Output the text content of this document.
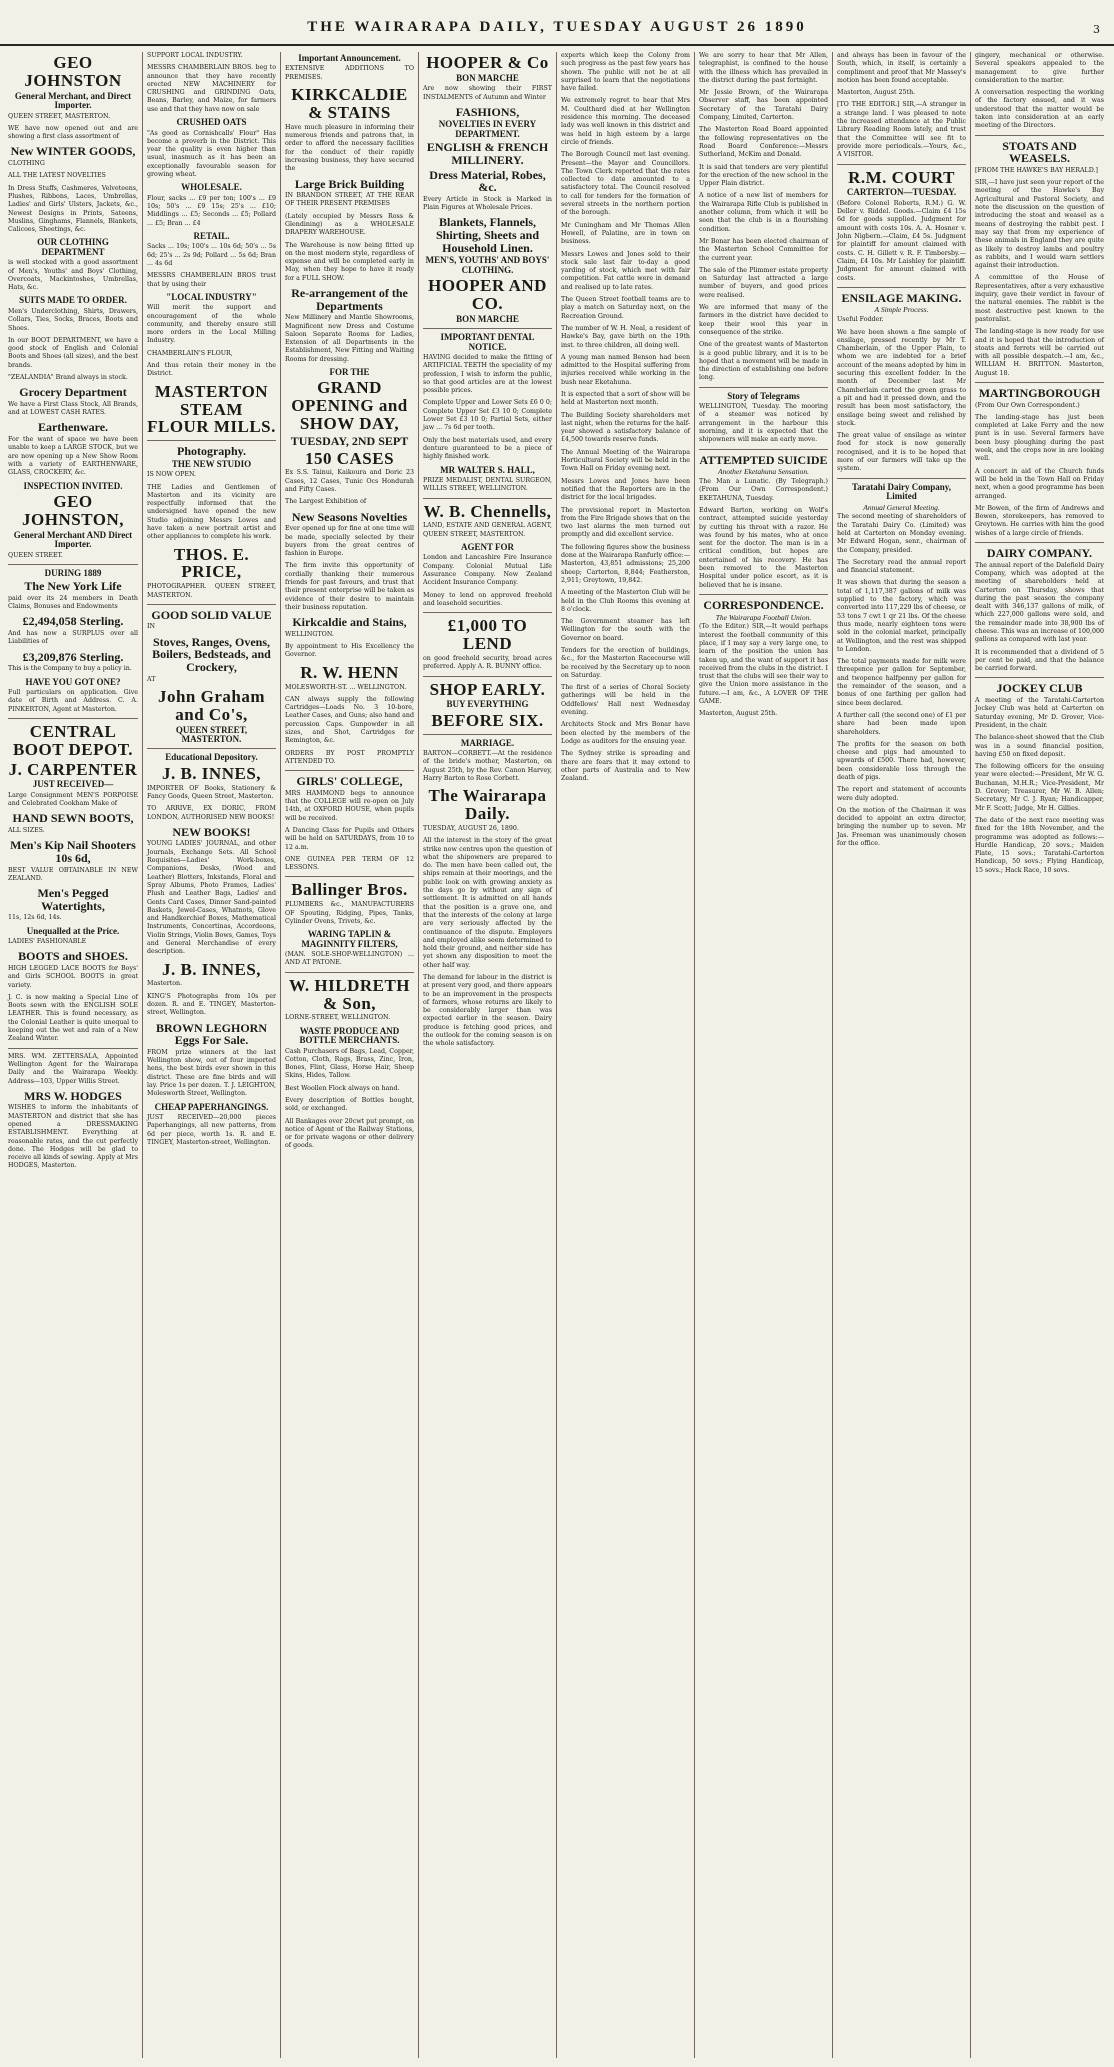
THE WAIRARAPA DAILY, TUESDAY AUGUST 26 1890	3
GEO JOHNSTON
General Merchant, and Direct Importer.

QUEEN STREET, MASTERTON.

WE have now opened out and are showing a first class assortment of

New WINTER GOODS,

CLOTHING

ALL THE LATEST NOVELTIES

In Dress Stuffs, Cashmeres, Velveteens, Plushes, Ribbons, Laces, Umbrellas, Ladies' and Girls' Ulsters, Jackets, &c., Newest Designs in Prints, Sateens, Muslins, Ginghams, Flannels, Blankets, Calicoes, Sheetings, &c.

OUR CLOTHING DEPARTMENT

is well stocked with a good assortment of Men's, Youths' and Boys' Clothing, Overcoats, Mackintoshes, Umbrellas, Hats, &c.

SUITS MADE TO ORDER.

Men's Underclothing, Shirts, Drawers, Collars, Ties, Socks, Braces, Boots and Shoes.

In our BOOT DEPARTMENT, we have a good stock of English and Colonial Boots and Shoes (all sizes), and the best brands.

"ZEALANDIA" Brand always in stock.

Grocery Department

We have a First Class Stock, All Brands, and at LOWEST CASH RATES.

Earthenware.

For the want of space we have been unable to keep a LARGE STOCK, but we are now opening up a New Show Room with a variety of EARTHENWARE, GLASS, CROCKERY, &c.

INSPECTION INVITED.
GEO JOHNSTON,
General Merchant AND Direct Importer.

QUEEN STREET.

DURING 1889
The New York Life

paid over its 24 members in Death Claims, Bonuses and Endowments

£2,494,058 Sterling.

And has now a SURPLUS over all Liabilities of

£3,209,876 Sterling.

This is the Company to buy a policy in.

HAVE YOU GOT ONE?

Full particulars on application. Give date of Birth and Address. C. A. PINKERTON, Agent at Masterton.

CENTRAL BOOT DEPOT.
J. CARPENTER
JUST RECEIVED—

Large Consignment MEN'S PORPOISE and Celebrated Cookham Make of

HAND SEWN BOOTS,

ALL SIZES.

Men's Kip Nail Shooters 10s 6d,

BEST VALUE OBTAINABLE IN NEW ZEALAND.

Men's Pegged Watertights,

11s, 12s 6d, 14s.

Unequalled at the Price.

LADIES' FASHIONABLE

BOOTS and SHOES.

HIGH LEGGED LACE BOOTS for Boys' and Girls SCHOOL BOOTS in great variety.

J. C. is now making a Special Line of Boots sewn with the ENGLISH SOLE LEATHER. This is found necessary, as the Colonial Leather is quite unequal to keeping out the wet and rain of a New Zealand Winter.

MRS. WM. ZETTERSALA, Appointed Wellington Agent for the Wairarapa Daily and the Wairarapa Weekly. Address—103, Upper Willis Street.

MRS W. HODGES

WISHES to inform the inhabitants of MASTERTON and district that she has opened a DRESSMAKING ESTABLISHMENT. Everything at reasonable rates, and the cut perfectly done. The Hodges will be glad to receive all kinds of sewing. Apply at Mrs HODGES, Masterton.

SUPPORT LOCAL INDUSTRY.

MESSRS CHAMBERLAIN BROS. beg to announce that they have recently erected NEW MACHINERY for CRUSHING and GRINDING Oats, Beans, Barley, and Maize, for farmers use and that they have now on sale

CRUSHED OATS

"As good as Cornishcalls' Flour" Has become a proverb in the District. This year the quality is even higher than usual, inasmuch as it has been an exceptionally favourable season for growing wheat.

WHOLESALE.

Flour, sacks ... £9 per ton; 100's ... £9 10s; 50's ... £9 15s; 25's ... £10; Middlings ... £5; Seconds ... £5; Pollard ... £5; Bran ... £4

RETAIL.

Sacks ... 19s; 100's ... 10s 6d; 50's ... 5s 6d; 25's ... 2s 9d; Pollard ... 5s 6d; Bran ... 4s 6d

MESSRS CHAMBERLAIN BROS trust that by using their

"LOCAL INDUSTRY"

Will merit the support and encouragement of the whole community, and thereby ensure still more orders in the Local Milling Industry.

CHAMBERLAIN'S FLOUR,

And thus retain their money in the District.

MASTERTON STEAM FLOUR MILLS.
Photography.
THE NEW STUDIO

IS NOW OPEN.

THE Ladies and Gentlemen of Masterton and its vicinity are respectfully informed that the undersigned have opened the new Studio adjoining Messrs Lowes and have taken a new portrait artist and other appliances to complete his work.

THOS. E. PRICE,

PHOTOGRAPHER. QUEEN STREET, MASTERTON.

GOOD SOLID VALUE

IN

Stoves, Ranges, Ovens, Boilers, Bedsteads, and Crockery,

AT

John Graham and Co's,
QUEEN STREET, MASTERTON.
Educational Depository.
J. B. INNES,

IMPORTER OF Books, Stationery & Fancy Goods, Queen Street, Masterton.

TO ARRIVE, EX DORIC, FROM LONDON, AUTHORISED NEW BOOKS!

NEW BOOKS!

YOUNG LADIES' JOURNAL, and other Journals, Exchange Sets. All School Requisites—Ladies' Work-boxes, Companions, Desks, (Wood and Leather) Blotters, Inkstands, Floral and Spray Albums, Photo Frames, Ladies' Plush and Leather Bags, Ladies' and Gents Card Cases, Dinner Sand-painted Baskets, Jewel-Cases, Whatnots, Glove and Handkerchief Boxes, Mathematical Instruments, Concertinas, Accordeons, Violin Strings, Violin Bows, Games, Toys and General Merchandise of every description.

J. B. INNES,

Masterton.

KING'S Photographs from 10s per dozen. R. and E. TINGEY, Masterton-street, Wellington.

BROWN LEGHORN Eggs For Sale.

FROM prize winners at the last Wellington show, out of four imported hens, the best birds ever shown in this district. These are fine birds and will lay. Price 1s per dozen. T. J. LEIGHTON, Molesworth Street, Wellington.

CHEAP PAPERHANGINGS.

JUST RECEIVED—20,000 pieces Paperhangings, all new patterns, from 6d per piece, worth 1s. R. and E. TINGEY, Masterton-street, Wellington.

Important Announcement.

EXTENSIVE ADDITIONS TO PREMISES.

KIRKCALDIE & STAINS

Have much pleasure in informing their numerous friends and patrons that, in order to afford the necessary facilities for the conduct of their rapidly increasing business, they have secured the

Large Brick Building

IN BRANDON STREET, AT THE REAR OF THEIR PRESENT PREMISES

(Lately occupied by Messrs Ross & Glendining) as a WHOLESALE DRAPERY WAREHOUSE.

The Warehouse is now being fitted up on the most modern style, regardless of expense and will be completed early in May, when they hope to have it ready for a FULL SHOW.

Re-arrangement of the Departments

New Millinery and Mantle Showrooms, Magnificent new Dress and Costume Saloon Separate Rooms for Ladies, Extension of all Departments in the Establishment, New Fitting and Waiting Rooms for dressing.

FOR THE
GRAND OPENING and SHOW DAY,
TUESDAY, 2ND SEPT
150 CASES

Ex S.S. Tainui, Kaikoura and Doric 23 Cases, 12 Cases, Tunic Ocs Hondurah and Fifty Cases.

The Largest Exhibition of

New Seasons Novelties

Ever opened up for fine at one time will be made, specially selected by their buyers from the great centres of fashion in Europe.

The firm invite this opportunity of cordially thanking their numerous friends for past favours, and trust that their present enterprise will be taken as evidence of their desire to maintain their business reputation.

Kirkcaldie and Stains,

WELLINGTON.

By appointment to His Excellency the Governor.

R. W. HENN

MOLESWORTH-ST. ... WELLINGTON.

CAN always supply the following Cartridges—Loads No. 3 10-bore, Leather Cases, and Guns; also hand and percussion Caps. Gunpowder in all sizes, and Shot, Cartridges for Remington, &c.

ORDERS BY POST PROMPTLY ATTENDED TO.

GIRLS' COLLEGE,

MRS HAMMOND begs to announce that the COLLEGE will re-open on July 14th, at OXFORD HOUSE, when pupils will be received.

A Dancing Class for Pupils and Others will be held on SATURDAYS, from 10 to 12 a.m.

ONE GUINEA PER TERM OF 12 LESSONS.

Ballinger Bros.

PLUMBERS &c., MANUFACTURERS OF Spouting, Ridging, Pipes, Tanks, Cylinder Ovens, Trivets, &c.

WARING TAPLIN & MAGINNITY FILTERS,

(MAN. SOLE-SHOP-WELLINGTON) ... AND AT PATONE.

W. HILDRETH & Son,

LORNE-STREET, WELLINGTON.

WASTE PRODUCE AND BOTTLE MERCHANTS.

Cash Purchasers of Bags, Lead, Copper, Cotton, Cloth, Rags, Brass, Zinc, Iron, Bones, Flint, Glass, Horse Hair, Sheep Skins, Hides, Tallow.

Best Woollen Flock always on hand.

Every description of Bottles bought, sold, or exchanged.

All Bankages over 20cwt put prompt, on notice of Agent of the Railway Stations, or for private wagons or other delivery of goods.

HOOPER & Co
BON MARCHE

Are now showing their FIRST INSTALMENTS of Autumn and Winter

FASHIONS,
NOVELTIES IN EVERY DEPARTMENT.
ENGLISH & FRENCH MILLINERY.
Dress Material, Robes, &c.

Every Article in Stock is Marked in Plain Figures at Wholesale Prices.

Blankets, Flannels, Shirting, Sheets and Household Linen.
MEN'S, YOUTHS' AND BOYS' CLOTHING.
HOOPER AND CO.
BON MARCHE
IMPORTANT DENTAL NOTICE.

HAVING decided to make the fitting of ARTIFICIAL TEETH the speciality of my profession, I wish to inform the public, so that good articles are at the lowest possible prices.

Complete Upper and Lower Sets £6 0 0; Complete Upper Set £3 10 0; Complete Lower Set £3 10 0; Partial Sets, either jaw ... 7s 6d per tooth.

Only the best materials used, and every denture guaranteed to be a piece of highly finished work.

MR WALTER S. HALL,

PRIZE MEDALIST, DENTAL SURGEON, WILLIS STREET, WELLINGTON.

W. B. Chennells,

LAND, ESTATE AND GENERAL AGENT, QUEEN STREET, MASTERTON.

AGENT FOR

London and Lancashire Fire Insurance Company. Colonial Mutual Life Assurance Company. New Zealand Accident Insurance Company.

Money to lend on approved freehold and leasehold securities.

£1,000 TO LEND

on good freehold security, broad acres preferred. Apply A. R. BUNNY office.

SHOP EARLY.
BUY EVERYTHING
BEFORE SIX.
MARRIAGE.

BARTON—CORBETT.—At the residence of the bride's mother, Masterton, on August 25th, by the Rev. Canon Harvey, Harry Barton to Rose Corbett.

The Wairarapa Daily.

TUESDAY, AUGUST 26, 1890.

All the interest in the story of the great strike now centres upon the question of what the shipowners are prepared to do. The men have been called out, the ships remain at their moorings, and the public look on with growing anxiety as the days go by without any sign of settlement. It is admitted on all hands that the position is a grave one, and that the interests of the colony at large are very seriously affected by the continuance of the dispute. Employers and employed alike seem determined to hold their ground, and neither side has yet shown any disposition to meet the other half way.

The demand for labour in the district is at present very good, and there appears to be an improvement in the prospects of farmers, whose returns are likely to be considerably larger than was expected earlier in the season. Dairy produce is fetching good prices, and the outlook for the coming season is on the whole satisfactory.

experts which keep the Colony from such progress as the past few years has shown. The public will not be at all surprised to learn that the negotiations have failed.

We extremely regret to hear that Mrs M. Coulthard died at her Wellington residence this morning. The deceased lady was well known in this district and was held in high esteem by a large circle of friends.

The Borough Council met last evening. Present—the Mayor and Councillors. The Town Clerk reported that the rates collected to date amounted to a satisfactory total. The Council resolved to call for tenders for the formation of several streets in the northern portion of the borough.

Mr Cuningham and Mr Thomas Allen Howell, of Palatine, are in town on business.

Messrs Lowes and Jones sold to their stock sale last fair to-day a good yarding of stock, which met with fair competition. Fat cattle were in demand and realised up to late rates.

The Queen Street football teams are to play a match on Saturday next, on the Recreation Ground.

The number of W. H. Neal, a resident of Hawke's Bay, gave birth on the 19th inst. to three children, all doing well.

A young man named Benson had been admitted to the Hospital suffering from injuries received while working in the bush near Eketahuna.

It is expected that a sort of show will be held at Masterton next month.

The Building Society shareholders met last night, when the returns for the half-year showed a satisfactory balance of £4,500 towards reserve funds.

The Annual Meeting of the Wairarapa Horticultural Society will be held in the Town Hall on Friday evening next.

Messrs Lowes and Jones have been notified that the Reporters are in the district for the local brigades.

The provisional report in Masterton from the Fire Brigade shows that on the two last alarms the men turned out promptly and did excellent service.

The following figures show the business done at the Wairarapa Ranfurly office:— Masterton, 43,851 admissions; 25,200 sheep; Carterton, 8,844; Featherston, 2,911; Greytown, 19,842.

A meeting of the Masterton Club will be held in the Club Rooms this evening at 8 o'clock.

The Government steamer has left Wellington for the south with the Governor on board.

Tenders for the erection of buildings, &c., for the Masterton Racecourse will be received by the Secretary up to noon on Saturday.

The first of a series of Choral Society gatherings will be held in the Oddfellows' Hall next Wednesday evening.

Architects Stock and Mrs Bonar have been elected by the members of the Lodge as auditors for the ensuing year.

The Sydney strike is spreading and there are fears that it may extend to other parts of Australia and to New Zealand.

We are sorry to hear that Mr Allen, telegraphist, is confined to the house with the illness which has prevailed in the district during the past fortnight.

Mr Jessie Brown, of the Wairarapa Observer staff, has been appointed Secretary of the Taratahi Dairy Company, Limited, Carterton.

The Masterton Road Board appointed the following representatives on the Road Board Conference:—Messrs Sutherland, McKim and Donald.

It is said that tenders are very plentiful for the erection of the new school in the Upper Plain district.

A notice of a new list of members for the Wairarapa Rifle Club is published in another column, from which it will be seen that the club is in a flourishing condition.

Mr Bonar has been elected chairman of the Masterton School Committee for the current year.

The sale of the Plimmer estate property on Saturday last attracted a large number of buyers, and good prices were realised.

We are informed that many of the farmers in the district have decided to keep their wool this year in consequence of the strike.

One of the greatest wants of Masterton is a good public library, and it is to be hoped that a movement will be made in the direction of establishing one before long.

Story of Telegrams

WELLINGTON, Tuesday. The mooring of a steamer was noticed by arrangement in the harbour this morning, and it is expected that the shipowners will make an early move.

ATTEMPTED SUICIDE
Another Eketahuna Sensation.

The Man a Lunatic. (By Telegraph.) (From Our Own Correspondent.) EKETAHUNA, Tuesday.

Edward Barton, working on Wolf's contract, attempted suicide yesterday by cutting his throat with a razor. He was found by his mates, who at once sent for the doctor. The man is in a critical condition, but hopes are entertained of his recovery. He has been removed to the Masterton Hospital under police escort, as it is believed that he is insane.

CORRESPONDENCE.
The Wairarapa Football Union.

(To the Editor.) SIR,—It would perhaps interest the football community of this place, if I may say a very large one, to learn of the position the union has taken up, and the want of support it has received from the clubs in the district. I trust that the clubs will see their way to give the Union more assistance in the future.—I am, &c., A LOVER OF THE GAME.

Masterton, August 25th.

and always has been in favour of the South, which, in itself, is certainly a compliment and proof that Mr Massey's motion has been found acceptable.

Masterton, August 25th.

[TO THE EDITOR.] SIR,—A stranger in a strange land. I was pleased to note the increased attendance at the Public Library Reading Room lately, and trust that the Committee will see fit to provide more periodicals.—Yours, &c., A VISITOR.

R.M. COURT
CARTERTON—TUESDAY.

(Before Colonel Roberts, R.M.) G. W. Deller v. Riddel. Goods.—Claim £4 15s 6d for goods supplied. Judgment for amount with costs 10s. A. A. Hosner v. John Nigbern.—Claim, £4 5s. Judgment for plaintiff for amount claimed with costs. C. H. Gillett v. R. F. Timbersby.—Claim, £4 10s. Mr Laishley for plaintiff. Judgment for amount claimed with costs.

ENSILAGE MAKING.
A Simple Process.

Useful Fodder.

We have been shown a fine sample of ensilage, pressed recently by Mr T. Chamberlain, of the Upper Plain, to whom we are indebted for a brief account of the means adopted by him in securing this excellent fodder. In the month of December last Mr Chamberlain carted the green grass to a pit and had it pressed down, and the result has been most satisfactory, the ensilage being sweet and relished by stock.

The great value of ensilage as winter food for stock is now generally recognised, and it is to be hoped that more of our farmers will take up the system.

Taratahi Dairy Company, Limited
Annual General Meeting.

The second meeting of shareholders of the Taratahi Dairy Co. (Limited) was held at Carterton on Monday evening. Mr Edward Hogan, senr., chairman of the Company, presided.

The Secretary read the annual report and financial statement.

It was shown that during the season a total of 1,117,387 gallons of milk was supplied to the factory, which was converted into 117,229 lbs of cheese, or 53 tons 7 cwt 1 qr 21 lbs. Of the cheese thus made, nearly eighteen tons were sold in the colonial market, principally at Wellington, and the rest was shipped to London.

The total payments made for milk were threepence per gallon for September, and twopence halfpenny per gallon for the remainder of the season, and a bonus of one farthing per gallon had since been declared.

A further call (the second one) of £1 per share had been made upon shareholders.

The profits for the season on both cheese and pigs had amounted to upwards of £500. There had, however, been considerable loss through the death of pigs.

The report and statement of accounts were duly adopted.

On the motion of the Chairman it was decided to appoint an extra director, bringing the number up to seven. Mr Jas. Freeman was unanimously chosen for the office.

gingery, mechanical or otherwise. Several speakers appealed to the management to give further consideration to the matter.

A conversation respecting the working of the factory ensued, and it was understood that the matter would be taken into consideration at an early meeting of the Directors.

STOATS AND WEASELS.

[FROM THE HAWKE'S BAY HERALD.]

SIR,—I have just seen your report of the meeting of the Hawke's Bay Agricultural and Pastoral Society, and note the discussion on the question of introducing the stoat and weasel as a means of destroying the rabbit pest. I may say that from my experience of these animals in England they are quite as likely to destroy lambs and poultry as rabbits, and I would warn settlers against their introduction.

A committee of the House of Representatives, after a very exhaustive inquiry, gave their verdict in favour of the natural enemies. The rabbit is the most destructive pest known to the pastoralist.

The landing-stage is now ready for use and it is hoped that the introduction of stoats and ferrets will be carried out with all possible despatch.—I am, &c., WILLIAM H. BRITTON. Masterton, August 18.

MARTINGBOROUGH

(From Our Own Correspondent.)

The landing-stage has just been completed at Lake Ferry and the new punt is in use. Several farmers have been busy ploughing during the past week, and the crops now in are looking well.

A concert in aid of the Church funds will be held in the Town Hall on Friday next, when a good programme has been arranged.

Mr Bowen, of the firm of Andrews and Bowen, storekeepers, has removed to Greytown. He carries with him the good wishes of a large circle of friends.

DAIRY COMPANY.

The annual report of the Dalefield Dairy Company, which was adopted at the meeting of shareholders held at Carterton on Thursday, shows that during the past season the company dealt with 346,137 gallons of milk, of which 227,000 gallons were sold, and the remainder made into 38,900 lbs of cheese. This was an increase of 100,000 gallons as compared with last year.

It is recommended that a dividend of 5 per cent be paid, and that the balance be carried forward.

JOCKEY CLUB

A meeting of the Taratahi-Carterton Jockey Club was held at Carterton on Saturday evening, Mr D. Grover, Vice-President, in the chair.

The balance-sheet showed that the Club was in a sound financial position, having £50 on fixed deposit.

The following officers for the ensuing year were elected:—President, Mr W. G. Buchanan, M.H.R.; Vice-President, Mr D. Grover; Treasurer, Mr W. B. Allen; Secretary, Mr C. J. Ryan; Handicapper, Mr F. Scott; Judge, Mr H. Gillies.

The date of the next race meeting was fixed for the 18th November, and the programme was adopted as follows:—Hurdle Handicap, 20 sovs.; Maiden Plate, 15 sovs.; Taratahi-Carterton Handicap, 50 sovs.; Flying Handicap, 15 sovs.; Hack Race, 10 sovs.
